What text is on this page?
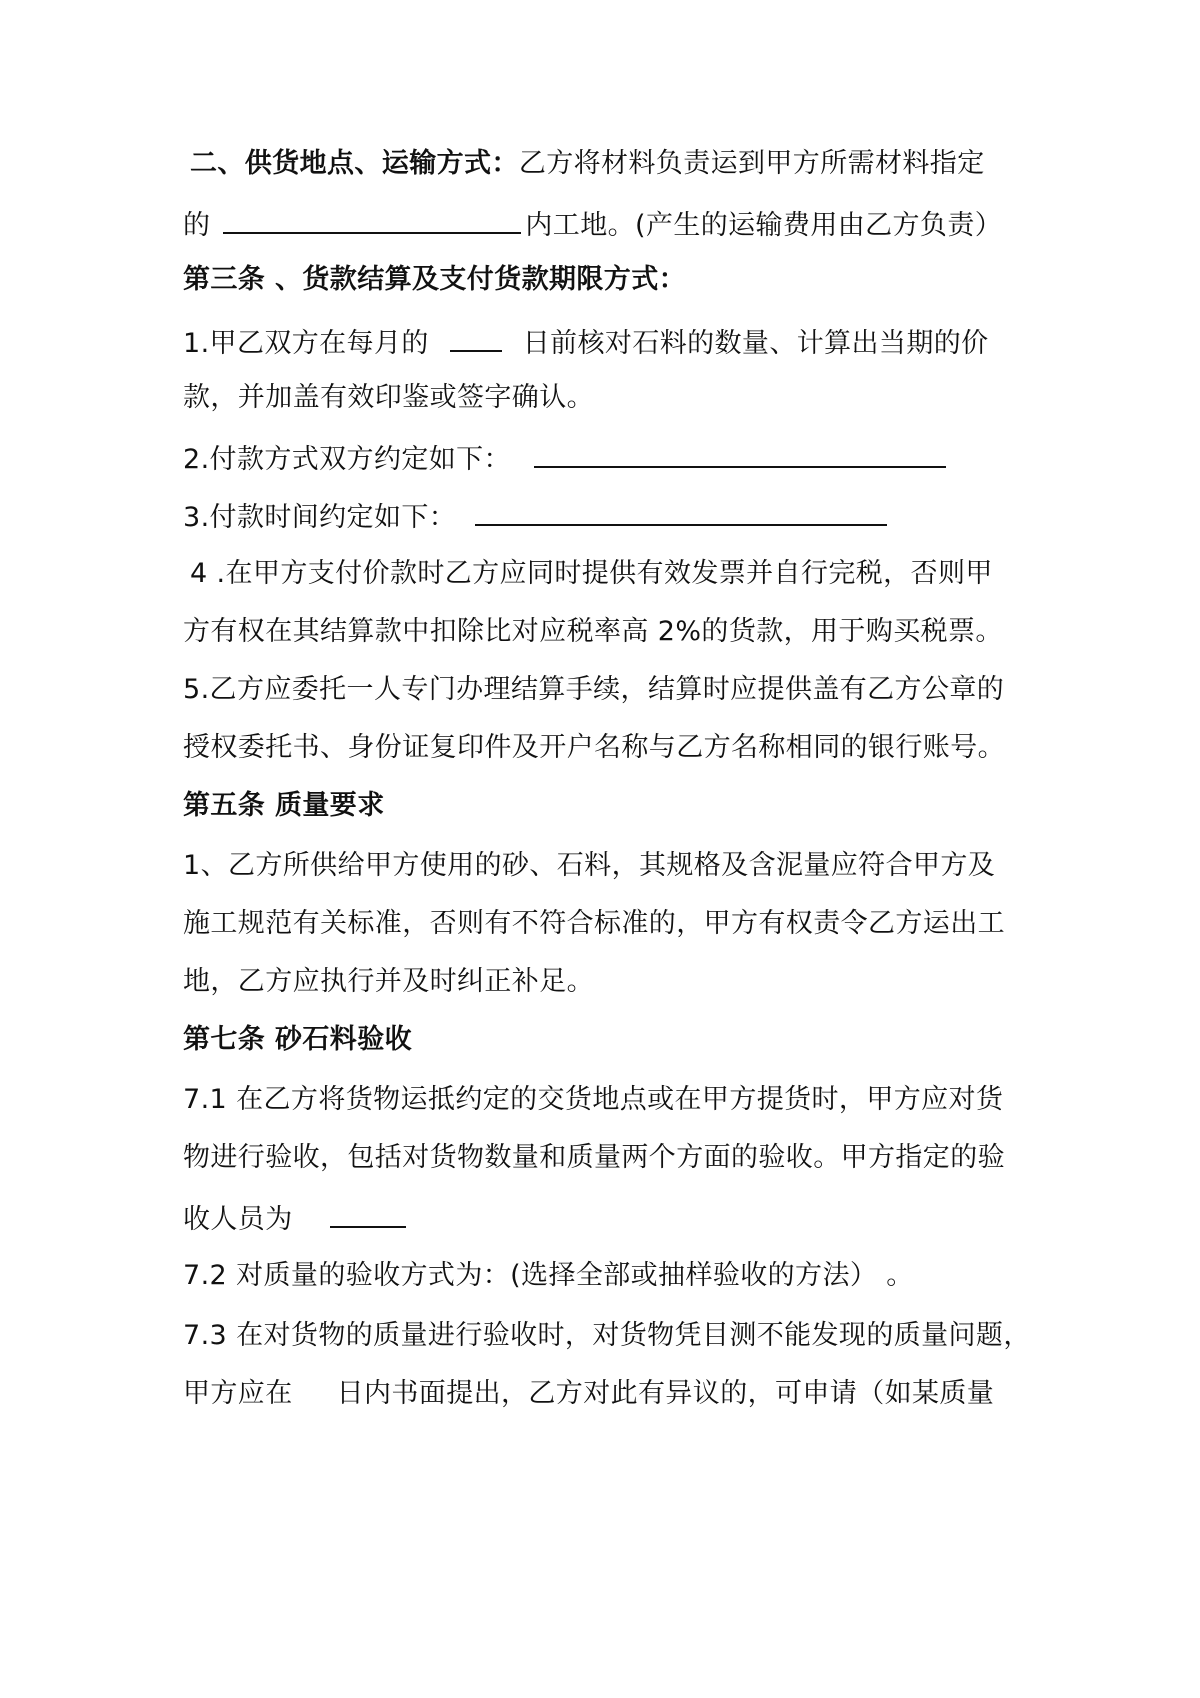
二、供货地点、运输方式：乙方将材料负责运到甲方所需材料指定
的	内工地。(产生的运输费用由乙方负责）
第三条 、货款结算及支付货款期限方式：
1.甲乙双方在每月的	日前核对石料的数量、计算出当期的价
款，并加盖有效印鉴或签字确认。
2.付款方式双方约定如下：
3.付款时间约定如下：
4 .在甲方支付价款时乙方应同时提供有效发票并自行完税，否则甲
方有权在其结算款中扣除比对应税率高 2%的货款，用于购买税票。
5.乙方应委托一人专门办理结算手续，结算时应提供盖有乙方公章的
授权委托书、身份证复印件及开户名称与乙方名称相同的银行账号。
第五条 质量要求
1、乙方所供给甲方使用的砂、石料，其规格及含泥量应符合甲方及
施工规范有关标准，否则有不符合标准的，甲方有权责令乙方运出工
地，乙方应执行并及时纠正补足。
第七条 砂石料验收
7.1 在乙方将货物运抵约定的交货地点或在甲方提货时，甲方应对货
物进行验收，包括对货物数量和质量两个方面的验收。甲方指定的验
收人员为
7.2 对质量的验收方式为：(选择全部或抽样验收的方法） 。
7.3 在对货物的质量进行验收时，对货物凭目测不能发现的质量问题，
甲方应在 日内书面提出，乙方对此有异议的，可申请（如某质量
